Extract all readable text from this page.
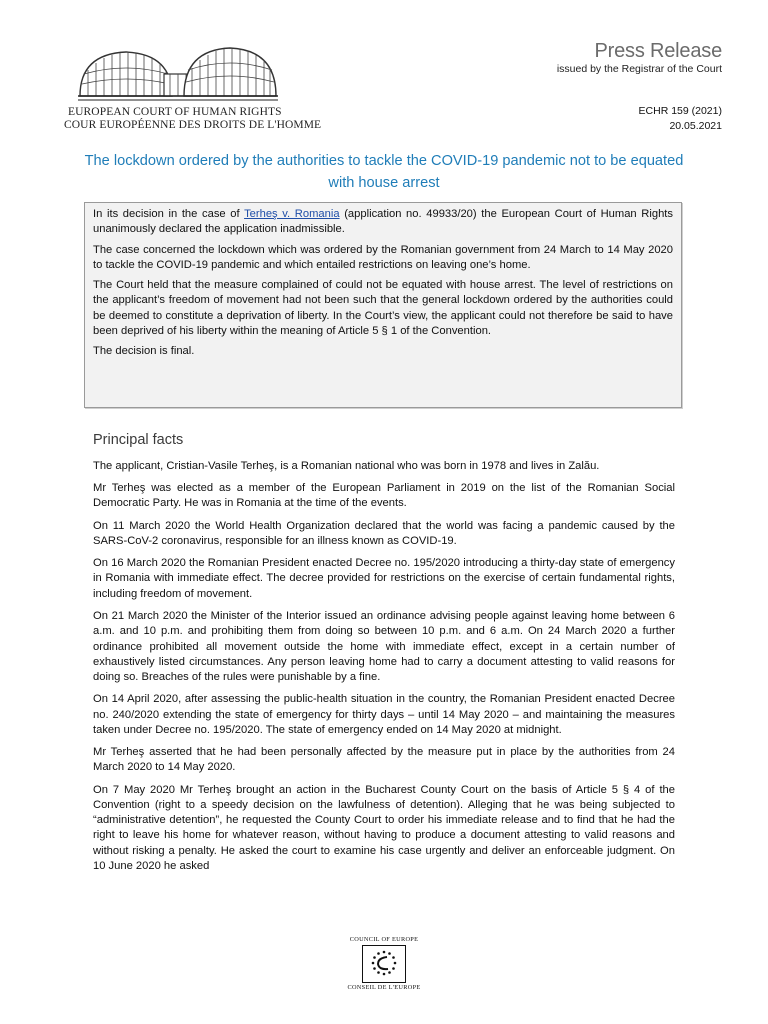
EUROPEAN COURT OF HUMAN RIGHTS
COUR EUROPÉENNE DES DROITS DE L'HOMME
Press Release
issued by the Registrar of the Court
ECHR 159 (2021)
20.05.2021
The lockdown ordered by the authorities to tackle the COVID-19 pandemic not to be equated with house arrest

In its decision in the case of Terheş v. Romania (application no. 49933/20) the European Court of Human Rights unanimously declared the application inadmissible.

The case concerned the lockdown which was ordered by the Romanian government from 24 March to 14 May 2020 to tackle the COVID-19 pandemic and which entailed restrictions on leaving one’s home.

The Court held that the measure complained of could not be equated with house arrest. The level of restrictions on the applicant’s freedom of movement had not been such that the general lockdown ordered by the authorities could be deemed to constitute a deprivation of liberty. In the Court’s view, the applicant could not therefore be said to have been deprived of his liberty within the meaning of Article 5 § 1 of the Convention.

The decision is final.

Principal facts

The applicant, Cristian-Vasile Terheş, is a Romanian national who was born in 1978 and lives in Zalău.

Mr Terheş was elected as a member of the European Parliament in 2019 on the list of the Romanian Social Democratic Party. He was in Romania at the time of the events.

On 11 March 2020 the World Health Organization declared that the world was facing a pandemic caused by the SARS-CoV-2 coronavirus, responsible for an illness known as COVID-19.

On 16 March 2020 the Romanian President enacted Decree no. 195/2020 introducing a thirty-day state of emergency in Romania with immediate effect. The decree provided for restrictions on the exercise of certain fundamental rights, including freedom of movement.

On 21 March 2020 the Minister of the Interior issued an ordinance advising people against leaving home between 6 a.m. and 10 p.m. and prohibiting them from doing so between 10 p.m. and 6 a.m. On 24 March 2020 a further ordinance prohibited all movement outside the home with immediate effect, except in a certain number of exhaustively listed circumstances. Any person leaving home had to carry a document attesting to valid reasons for doing so. Breaches of the rules were punishable by a fine.

On 14 April 2020, after assessing the public-health situation in the country, the Romanian President enacted Decree no. 240/2020 extending the state of emergency for thirty days – until 14 May 2020 – and maintaining the measures taken under Decree no. 195/2020. The state of emergency ended on 14 May 2020 at midnight.

Mr Terheş asserted that he had been personally affected by the measure put in place by the authorities from 24 March 2020 to 14 May 2020.

On 7 May 2020 Mr Terheş brought an action in the Bucharest County Court on the basis of Article 5 § 4 of the Convention (right to a speedy decision on the lawfulness of detention). Alleging that he was being subjected to “administrative detention”, he requested the County Court to order his immediate release and to find that he had the right to leave his home for whatever reason, without having to produce a document attesting to valid reasons and without risking a penalty. He asked the court to examine his case urgently and deliver an enforceable judgment. On 10 June 2020 he asked

COUNCIL OF EUROPE
CONSEIL DE L'EUROPE
